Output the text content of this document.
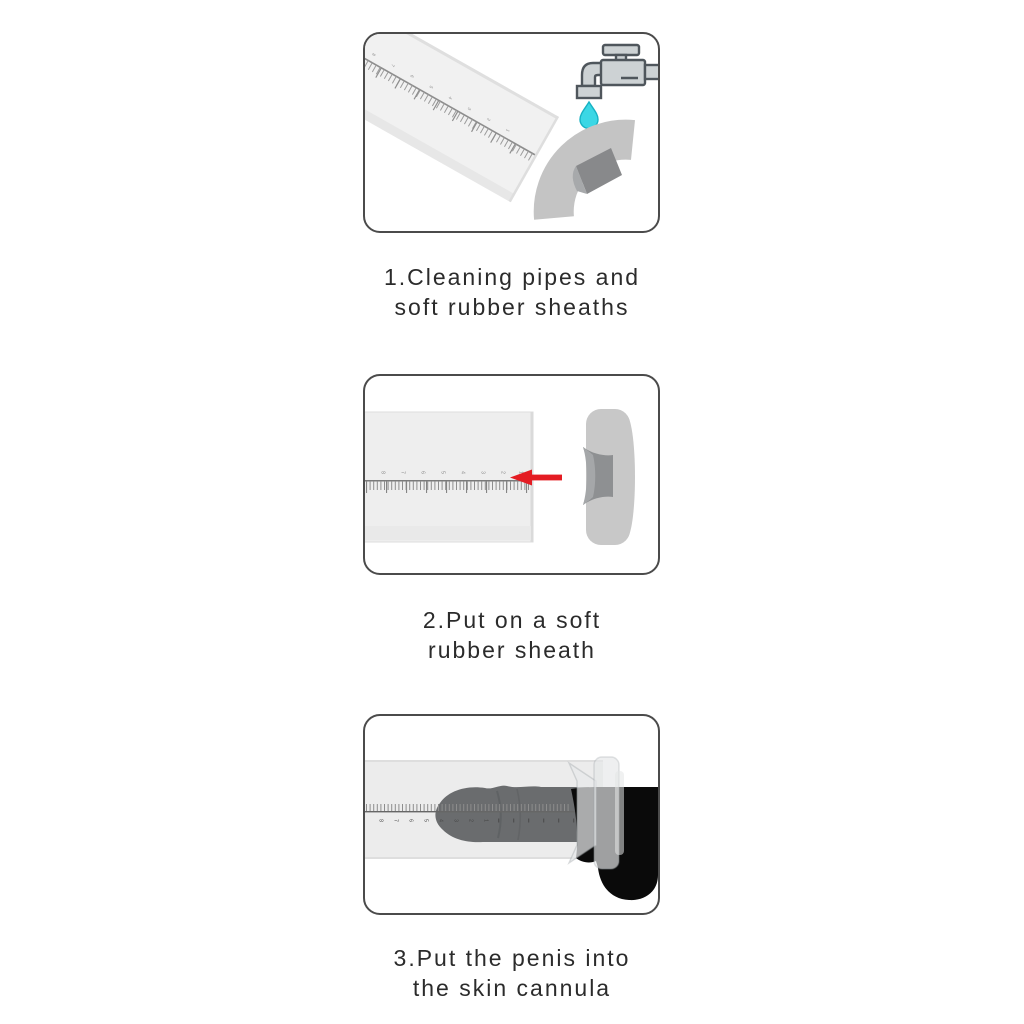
8
7
6
5
4
3
2
1
8	7	6	5	4	3	2 1
8 7 6 5 4 3 2 1
1.Cleaning pipes and
soft rubber sheaths
2.Put on a soft
rubber sheath
3.Put the penis into
the skin cannula
